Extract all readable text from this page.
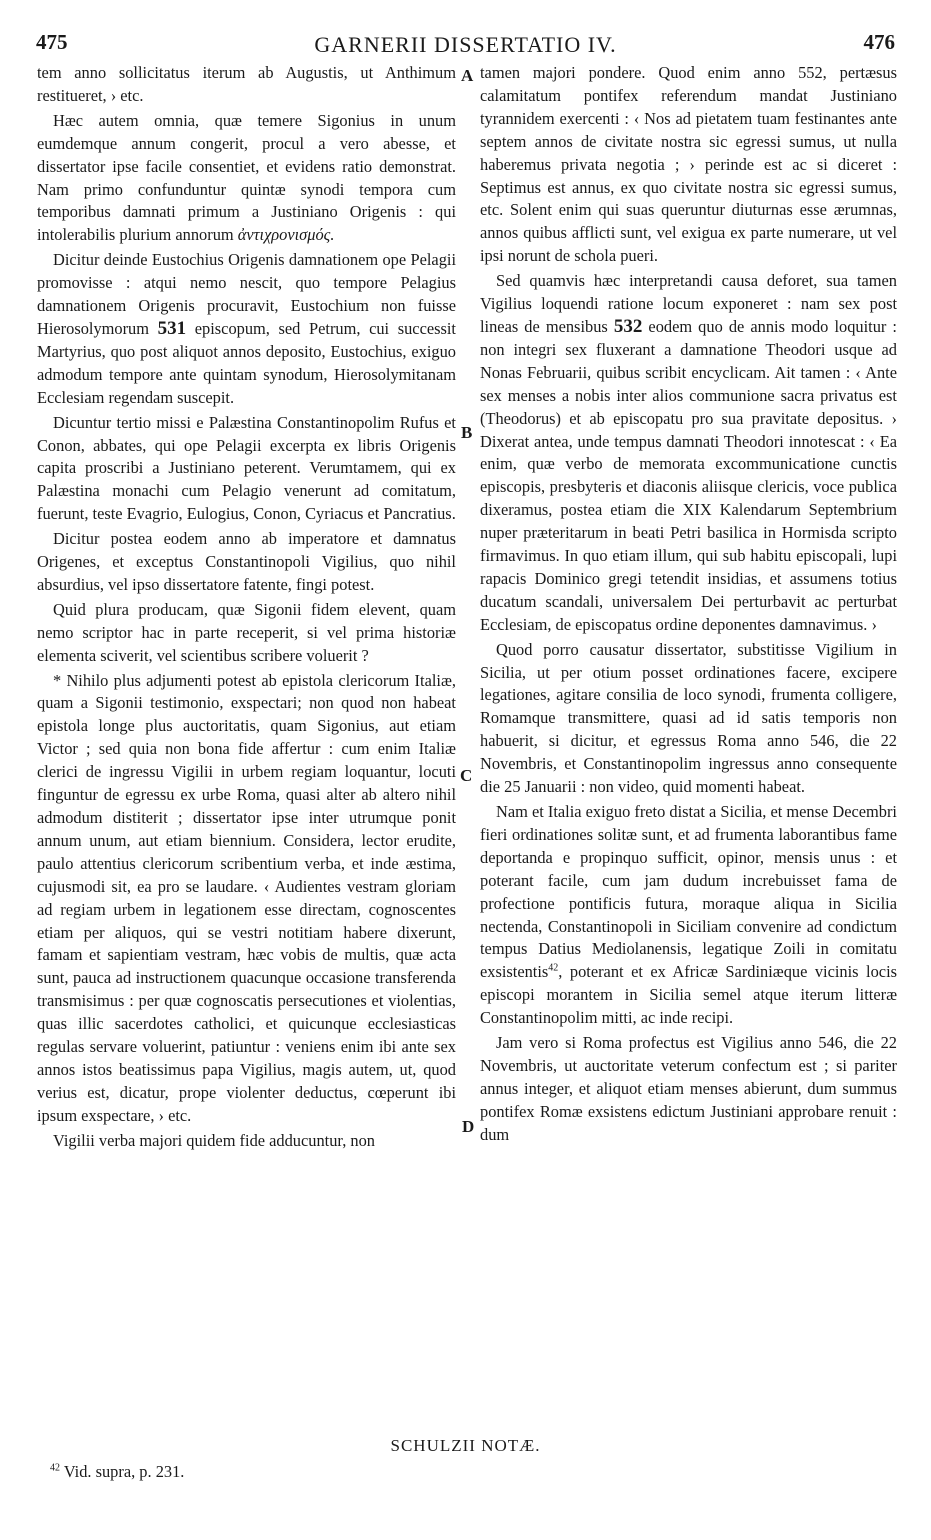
475	GARNERII DISSERTATIO IV.	476
A
B
C
D

tem anno sollicitatus iterum ab Augustis, ut Anthimum restitueret, › etc.

Hæc autem omnia, quæ temere Sigonius in unum eumdemque annum congerit, procul a vero abesse, et dissertator ipse facile consentiet, et evidens ratio demonstrat. Nam primo confunduntur quintæ synodi tempora cum temporibus damnati primum a Justiniano Origenis : qui intolerabilis plurium annorum ἀντιχρονισμός.

Dicitur deinde Eustochius Origenis damnationem ope Pelagii promovisse : atqui nemo nescit, quo tempore Pelagius damnationem Origenis procuravit, Eustochium non fuisse Hierosolymorum 531 episcopum, sed Petrum, cui successit Martyrius, quo post aliquot annos deposito, Eustochius, exiguo admodum tempore ante quintam synodum, Hierosolymitanam Ecclesiam regendam suscepit.

Dicuntur tertio missi e Palæstina Constantinopolim Rufus et Conon, abbates, qui ope Pelagii excerpta ex libris Origenis capita proscribi a Justiniano peterent. Verumtamem, qui ex Palæstina monachi cum Pelagio venerunt ad comitatum, fuerunt, teste Evagrio, Eulogius, Conon, Cyriacus et Pancratius.

Dicitur postea eodem anno ab imperatore et damnatus Origenes, et exceptus Constantinopoli Vigilius, quo nihil absurdius, vel ipso dissertatore fatente, fingi potest.

Quid plura producam, quæ Sigonii fidem elevent, quam nemo scriptor hac in parte receperit, si vel prima historiæ elementa sciverit, vel scientibus scribere voluerit ?

* Nihilo plus adjumenti potest ab epistola clericorum Italiæ, quam a Sigonii testimonio, exspectari; non quod non habeat epistola longe plus auctoritatis, quam Sigonius, aut etiam Victor ; sed quia non bona fide affertur : cum enim Italiæ clerici de ingressu Vigilii in urbem regiam loquantur, locuti finguntur de egressu ex urbe Roma, quasi alter ab altero nihil admodum distiterit ; dissertator ipse inter utrumque ponit annum unum, aut etiam biennium. Considera, lector erudite, paulo attentius clericorum scribentium verba, et inde æstima, cujusmodi sit, ea pro se laudare. ‹ Audientes vestram gloriam ad regiam urbem in legationem esse directam, cognoscentes etiam per aliquos, qui se vestri notitiam habere dixerunt, famam et sapientiam vestram, hæc vobis de multis, quæ acta sunt, pauca ad instructionem quacunque occasione transferenda transmisimus : per quæ cognoscatis persecutiones et violentias, quas illic sacerdotes catholici, et quicunque ecclesiasticas regulas servare voluerint, patiuntur : veniens enim ibi ante sex annos istos beatissimus papa Vigilius, magis autem, ut, quod verius est, dicatur, prope violenter deductus, cœperunt ibi ipsum exspectare, › etc.

Vigilii verba majori quidem fide adducuntur, non

tamen majori pondere. Quod enim anno 552, pertæsus calamitatum pontifex referendum mandat Justiniano tyrannidem exercenti : ‹ Nos ad pietatem tuam festinantes ante septem annos de civitate nostra sic egressi sumus, ut nulla haberemus privata negotia ; › perinde est ac si diceret : Septimus est annus, ex quo civitate nostra sic egressi sumus, etc. Solent enim qui suas queruntur diuturnas esse ærumnas, annos quibus afflicti sunt, vel exigua ex parte numerare, ut vel ipsi norunt de schola pueri.

Sed quamvis hæc interpretandi causa deforet, sua tamen Vigilius loquendi ratione locum exponeret : nam sex post lineas de mensibus 532 eodem quo de annis modo loquitur : non integri sex fluxerant a damnatione Theodori usque ad Nonas Februarii, quibus scribit encyclicam. Ait tamen : ‹ Ante sex menses a nobis inter alios communione sacra privatus est (Theodorus) et ab episcopatu pro sua pravitate depositus. › Dixerat antea, unde tempus damnati Theodori innotescat : ‹ Ea enim, quæ verbo de memorata excommunicatione cunctis episcopis, presbyteris et diaconis aliisque clericis, voce publica dixeramus, postea etiam die XIX Kalendarum Septembrium nuper præteritarum in beati Petri basilica in Hormisda scripto firmavimus. In quo etiam illum, qui sub habitu episcopali, lupi rapacis Dominico gregi tetendit insidias, et assumens totius ducatum scandali, universalem Dei perturbavit ac perturbat Ecclesiam, de episcopatus ordine deponentes damnavimus. ›

Quod porro causatur dissertator, substitisse Vigilium in Sicilia, ut per otium posset ordinationes facere, excipere legationes, agitare consilia de loco synodi, frumenta colligere, Romamque transmittere, quasi ad id satis temporis non habuerit, si dicitur, et egressus Roma anno 546, die 22 Novembris, et Constantinopolim ingressus anno consequente die 25 Januarii : non video, quid momenti habeat.

Nam et Italia exiguo freto distat a Sicilia, et mense Decembri fieri ordinationes solitæ sunt, et ad frumenta laborantibus fame deportanda e propinquo sufficit, opinor, mensis unus : et poterant facile, cum jam dudum increbuisset fama de profectione pontificis futura, moraque aliqua in Sicilia nectenda, Constantinopoli in Siciliam convenire ad condictum tempus Datius Mediolanensis, legatique Zoili in comitatu exsistentis$^{42}$, poterant et ex Africæ Sardiniæque vicinis locis episcopi morantem in Sicilia semel atque iterum litteræ Constantinopolim mitti, ac inde recipi.

Jam vero si Roma profectus est Vigilius anno 546, die 22 Novembris, ut auctoritate veterum confectum est ; si pariter annus integer, et aliquot etiam menses abierunt, dum summus pontifex Romæ exsistens edictum Justiniani approbare renuit : dum

SCHULZII NOTÆ.
$^{42}$ Vid. supra, p. 231.
